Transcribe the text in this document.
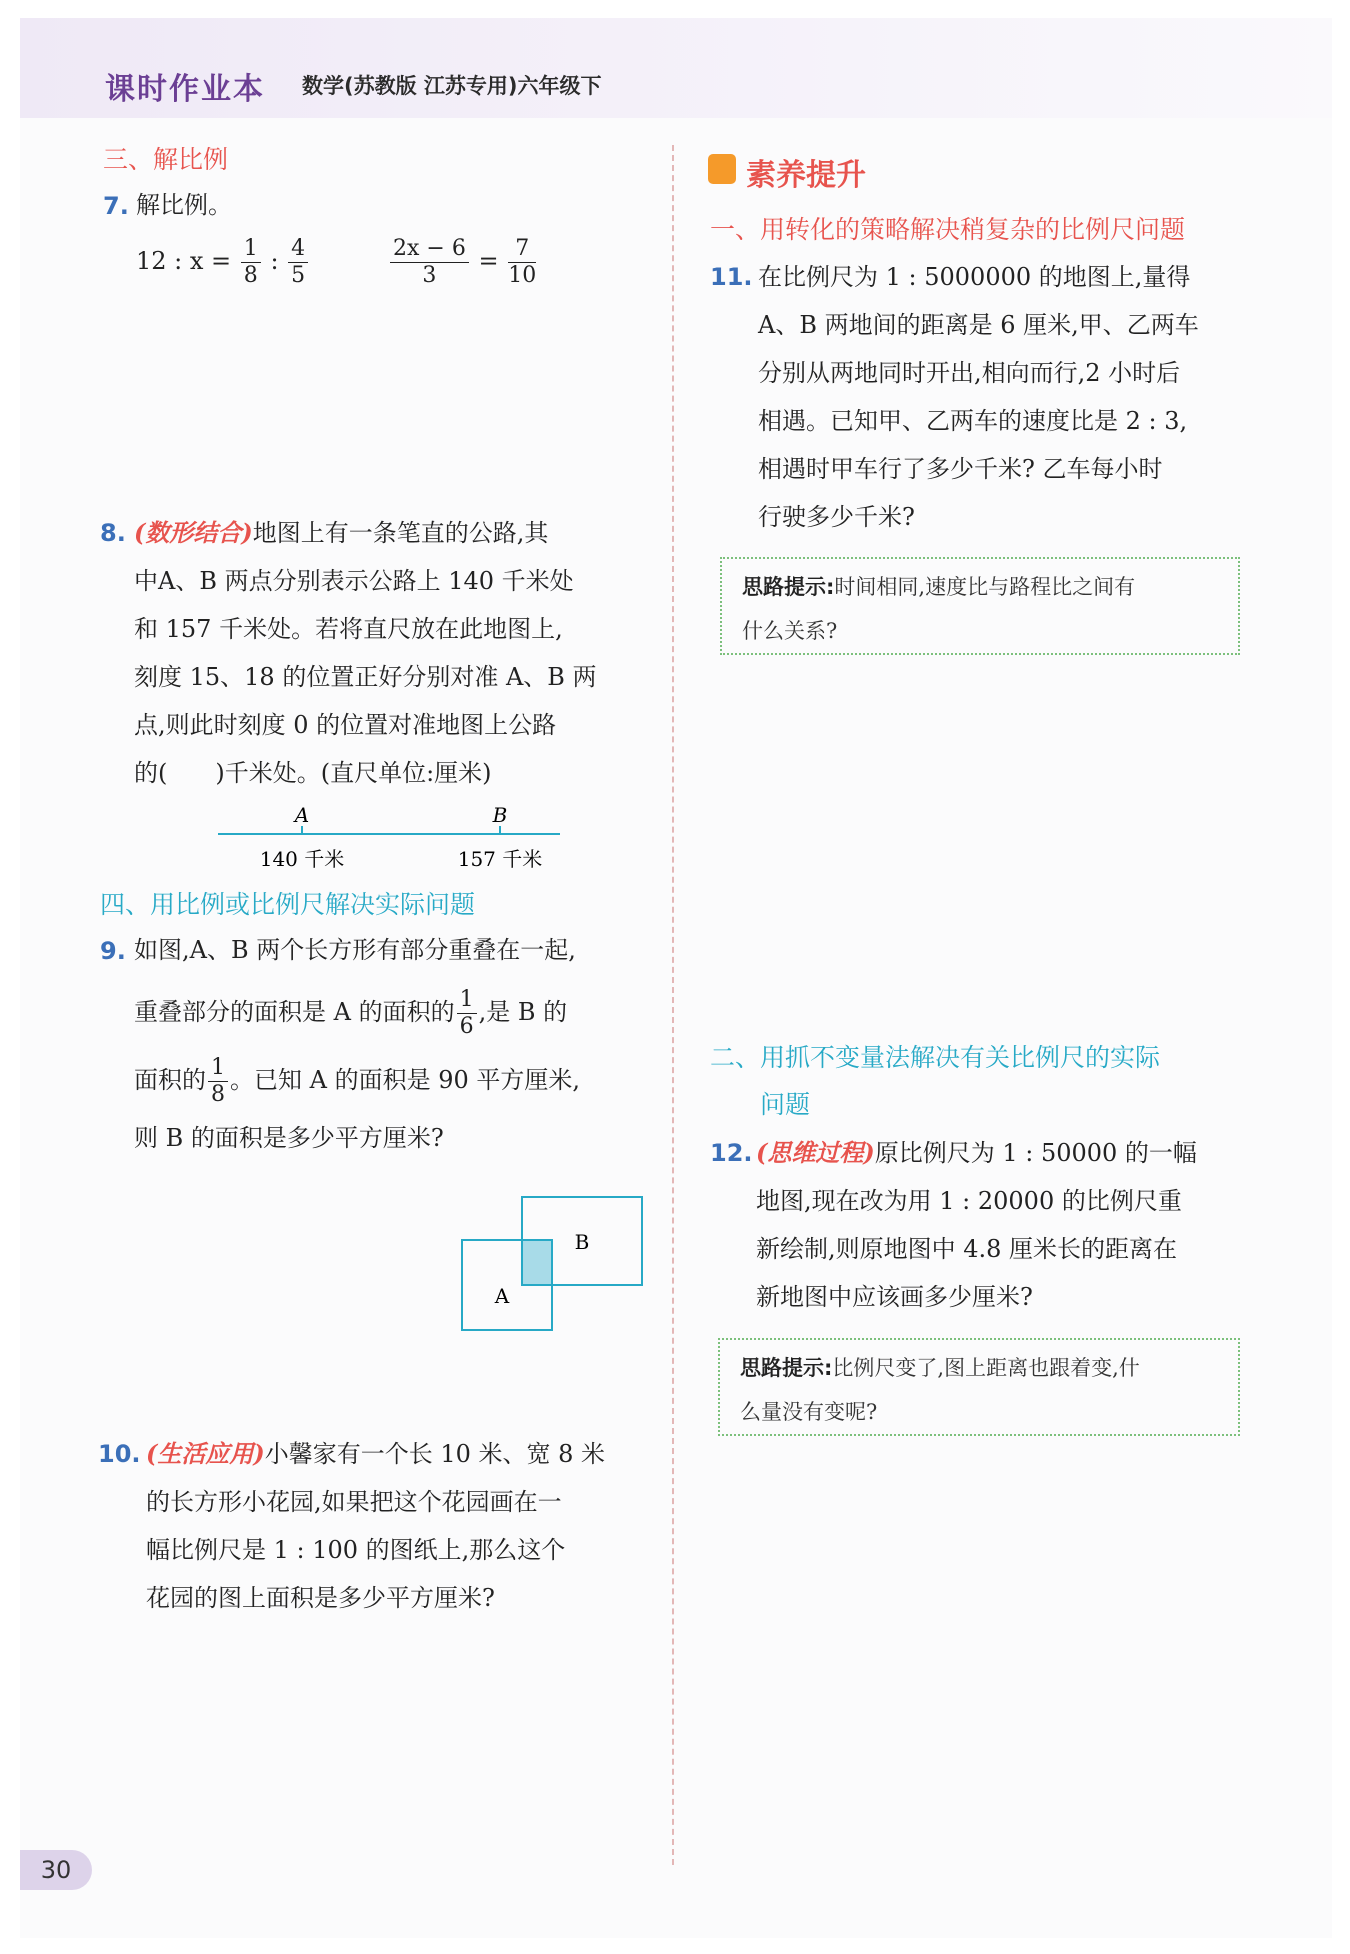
课时作业本 数学(苏教版 江苏专用)六年级下
三、解比例
7. 解比例。
12 : $x = \frac{1}{8}$ : $\frac{4}{5}$	$\frac{2x - 6}{3} = \frac{7}{10}$
8. (数形结合)地图上有一条笔直的公路,其
中A、B 两点分别表示公路上 140 千米处
和 157 千米处。若将直尺放在此地图上,
刻度 15、18 的位置正好分别对准 A、B 两
点,则此时刻度 0 的位置对准地图上公路
的(　　)千米处。(直尺单位:厘米)
A	B
140 千米	157 千米
四、用比例或比例尺解决实际问题
9. 如图,A、B 两个长方形有部分重叠在一起,
重叠部分的面积是 A 的面积的 $\frac{1}{6}$ ,是 B 的
面积的 $\frac{1}{8}$ 。已知 A 的面积是 90 平方厘米,
则 B 的面积是多少平方厘米?
A
B
10. (生活应用)小馨家有一个长 10 米、宽 8 米
的长方形小花园,如果把这个花园画在一
幅比例尺是 1 : 100 的图纸上,那么这个
花园的图上面积是多少平方厘米?
素养提升
一、用转化的策略解决稍复杂的比例尺问题
11. 在比例尺为 1 : 5000000 的地图上,量得
A、B 两地间的距离是 6 厘米,甲、乙两车
分别从两地同时开出,相向而行,2 小时后
相遇。已知甲、乙两车的速度比是 2 : 3,
相遇时甲车行了多少千米? 乙车每小时
行驶多少千米?
思路提示:时间相同,速度比与路程比之间有
什么关系?
二、用抓不变量法解决有关比例尺的实际
问题
12. (思维过程)原比例尺为 1 : 50000 的一幅
地图,现在改为用 1 : 20000 的比例尺重
新绘制,则原地图中 4.8 厘米长的距离在
新地图中应该画多少厘米?
思路提示:比例尺变了,图上距离也跟着变,什
么量没有变呢?
30
